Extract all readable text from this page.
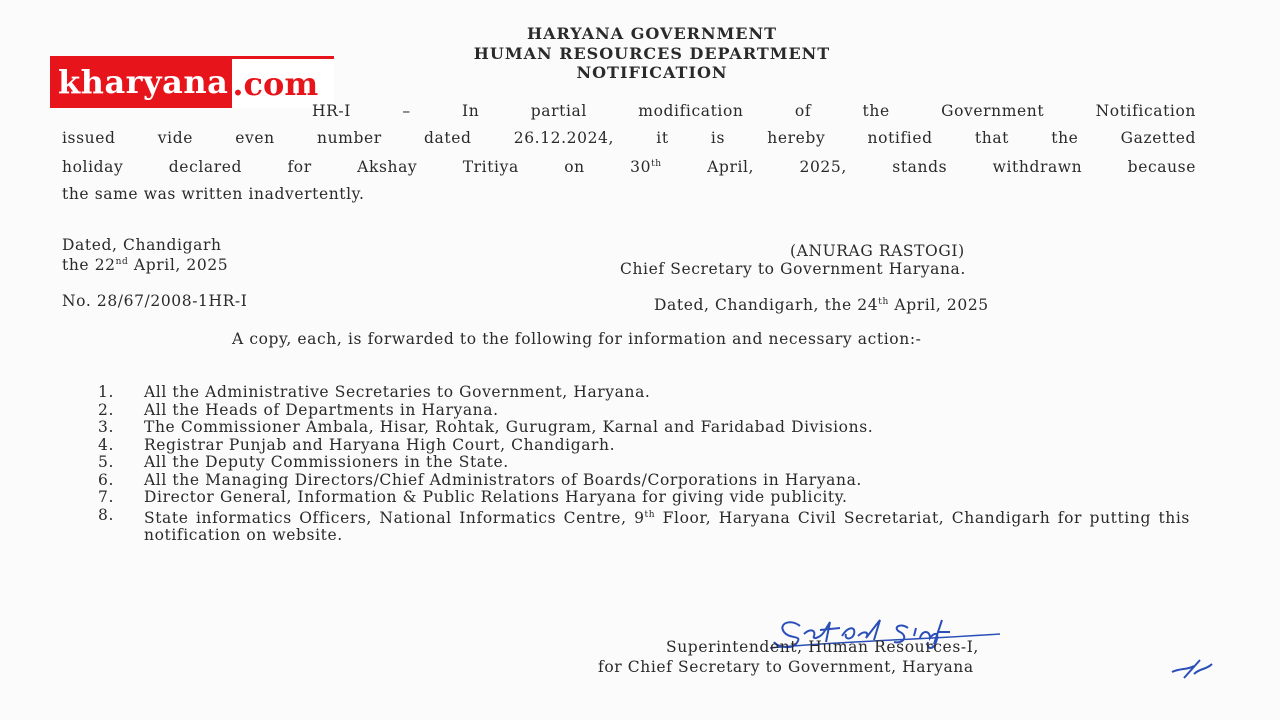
HARYANA GOVERNMENT
HUMAN RESOURCES DEPARTMENT
NOTIFICATION
kharyana .com
HR-I – In partial modification of the Government Notification
issued vide even number dated 26.12.2024, it is hereby notified that the Gazetted
holiday declared for Akshay Tritiya on 30th April, 2025, stands withdrawn because
the same was written inadvertently.
Dated, Chandigarh
the 22nd April, 2025
(ANURAG RASTOGI)
Chief Secretary to Government Haryana.
No. 28/67/2008-1HR-I	Dated, Chandigarh, the 24th April, 2025
A copy, each, is forwarded to the following for information and necessary action:-
1. All the Administrative Secretaries to Government, Haryana.
2. All the Heads of Departments in Haryana.
3. The Commissioner Ambala, Hisar, Rohtak, Gurugram, Karnal and Faridabad Divisions.
4. Registrar Punjab and Haryana High Court, Chandigarh.
5. All the Deputy Commissioners in the State.
6. All the Managing Directors/Chief Administrators of Boards/Corporations in Haryana.
7. Director General, Information & Public Relations Haryana for giving vide publicity.
8. State informatics Officers, National Informatics Centre, 9th Floor, Haryana Civil Secretariat, Chandigarh for putting this notification on website.
Superintendent, Human Resources-I,
for Chief Secretary to Government, Haryana
